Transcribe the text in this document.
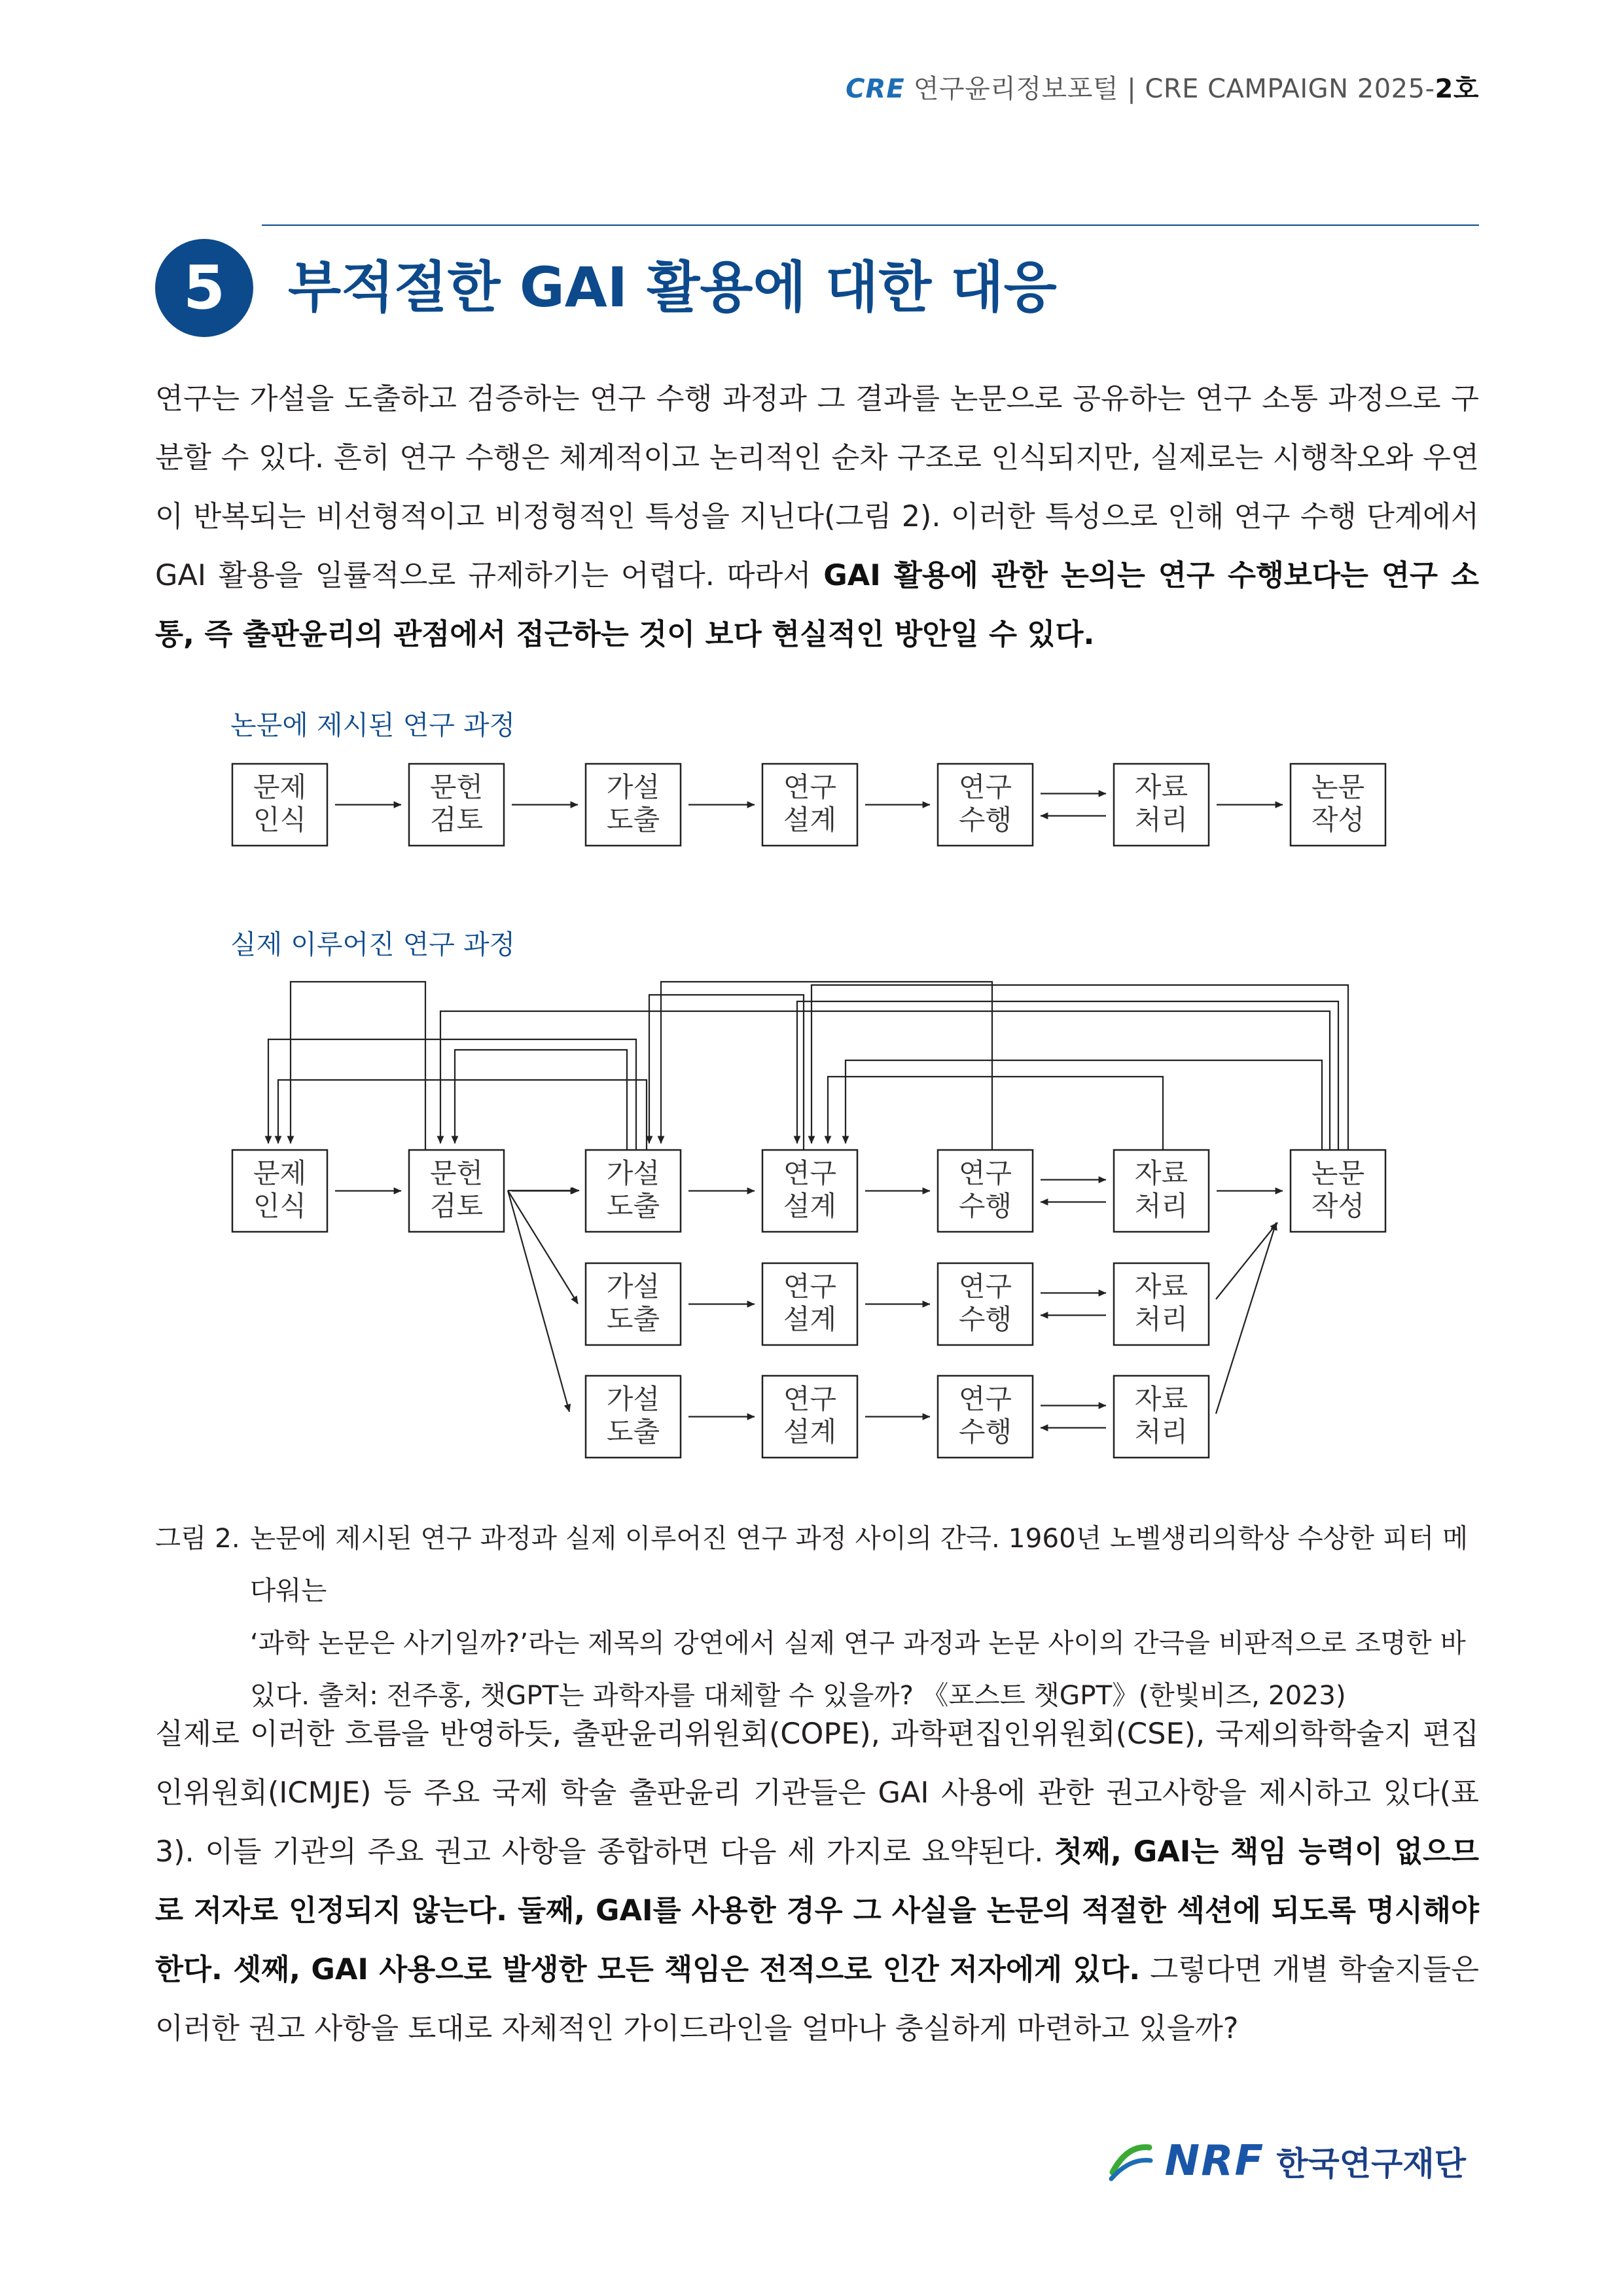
CRE 연구윤리정보포털 | CRE CAMPAIGN 2025-2호
5	부적절한 GAI 활용에 대한 대응
연구는 가설을 도출하고 검증하는 연구 수행 과정과 그 결과를 논문으로 공유하는 연구 소통 과정으로 구분할 수 있다. 흔히 연구 수행은 체계적이고 논리적인 순차 구조로 인식되지만, 실제로는 시행착오와 우연이 반복되는 비선형적이고 비정형적인 특성을 지닌다(그림 2). 이러한 특성으로 인해 연구 수행 단계에서 GAI 활용을 일률적으로 규제하기는 어렵다. 따라서 GAI 활용에 관한 논의는 연구 수행보다는 연구 소통, 즉 출판윤리의 관점에서 접근하는 것이 보다 현실적인 방안일 수 있다.
논문에 제시된 연구 과정
실제 이루어진 연구 과정
문제
인식
문헌
검토
가설
도출
연구
설계
연구
수행
자료
처리
논문
작성
문제
인식
문헌
검토
가설
도출
연구
설계
연구
수행
자료
처리
논문
작성
가설
도출
연구
설계
연구
수행
자료
처리
가설
도출
연구
설계
연구
수행
자료
처리
그림 2. 논문에 제시된 연구 과정과 실제 이루어진 연구 과정 사이의 간극. 1960년 노벨생리의학상 수상한 피터 메다워는
‘과학 논문은 사기일까?’라는 제목의 강연에서 실제 연구 과정과 논문 사이의 간극을 비판적으로 조명한 바
있다. 출처: 전주홍, 챗GPT는 과학자를 대체할 수 있을까? 《포스트 챗GPT》(한빛비즈, 2023)
실제로 이러한 흐름을 반영하듯, 출판윤리위원회(COPE), 과학편집인위원회(CSE), 국제의학학술지 편집인위원회(ICMJE) 등 주요 국제 학술 출판윤리 기관들은 GAI 사용에 관한 권고사항을 제시하고 있다(표 3). 이들 기관의 주요 권고 사항을 종합하면 다음 세 가지로 요약된다. 첫째, GAI는 책임 능력이 없으므로 저자로 인정되지 않는다. 둘째, GAI를 사용한 경우 그 사실을 논문의 적절한 섹션에 되도록 명시해야 한다. 셋째, GAI 사용으로 발생한 모든 책임은 전적으로 인간 저자에게 있다. 그렇다면 개별 학술지들은 이러한 권고 사항을 토대로 자체적인 가이드라인을 얼마나 충실하게 마련하고 있을까?
NRF 한국연구재단
